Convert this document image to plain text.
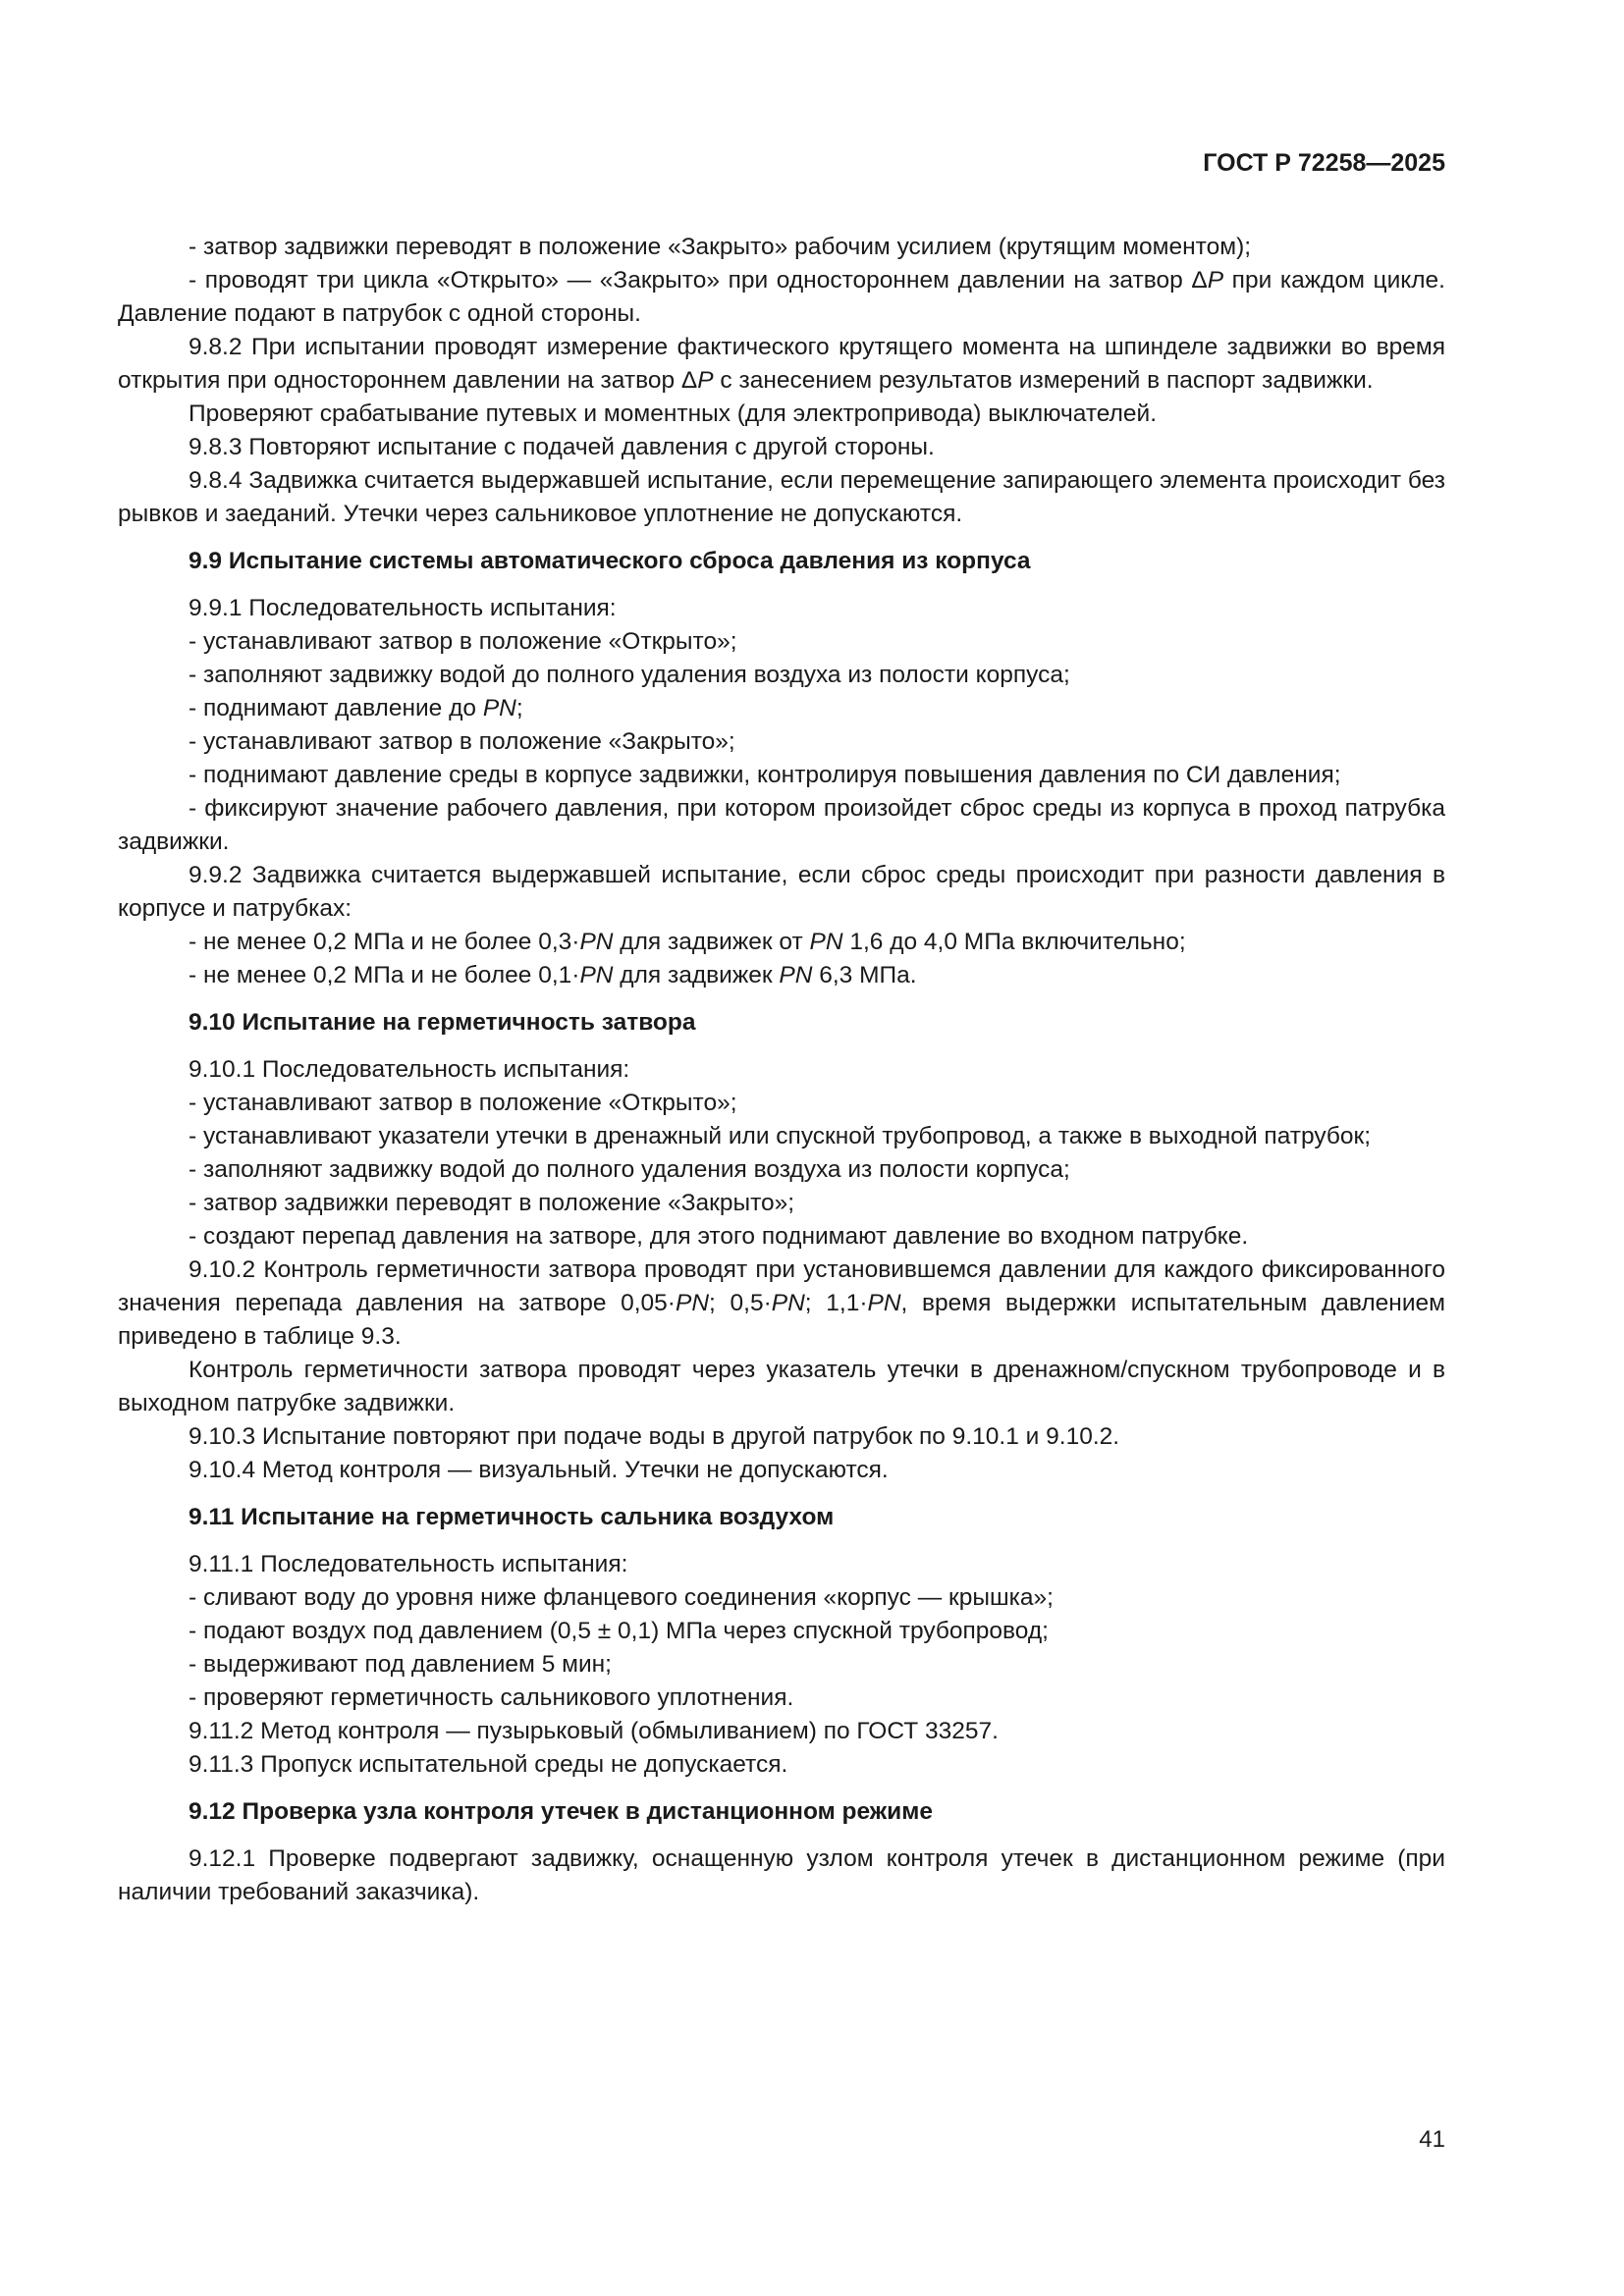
ГОСТ Р 72258—2025

- затвор задвижки переводят в положение «Закрыто» рабочим усилием (крутящим моментом);

- проводят три цикла «Открыто» — «Закрыто» при одностороннем давлении на затвор ΔP при каждом цикле. Давление подают в патрубок с одной стороны.

9.8.2 При испытании проводят измерение фактического крутящего момента на шпинделе задвижки во время открытия при одностороннем давлении на затвор ΔP с занесением результатов измерений в паспорт задвижки.

Проверяют срабатывание путевых и моментных (для электропривода) выключателей.

9.8.3 Повторяют испытание с подачей давления с другой стороны.

9.8.4 Задвижка считается выдержавшей испытание, если перемещение запирающего элемента происходит без рывков и заеданий. Утечки через сальниковое уплотнение не допускаются.

9.9 Испытание системы автоматического сброса давления из корпуса

9.9.1 Последовательность испытания:

- устанавливают затвор в положение «Открыто»;

- заполняют задвижку водой до полного удаления воздуха из полости корпуса;

- поднимают давление до PN;

- устанавливают затвор в положение «Закрыто»;

- поднимают давление среды в корпусе задвижки, контролируя повышения давления по СИ давления;

- фиксируют значение рабочего давления, при котором произойдет сброс среды из корпуса в проход патрубка задвижки.

9.9.2 Задвижка считается выдержавшей испытание, если сброс среды происходит при разности давления в корпусе и патрубках:

- не менее 0,2 МПа и не более 0,3·PN для задвижек от PN 1,6 до 4,0 МПа включительно;

- не менее 0,2 МПа и не более 0,1·PN для задвижек PN 6,3 МПа.

9.10 Испытание на герметичность затвора

9.10.1 Последовательность испытания:

- устанавливают затвор в положение «Открыто»;

- устанавливают указатели утечки в дренажный или спускной трубопровод, а также в выходной патрубок;

- заполняют задвижку водой до полного удаления воздуха из полости корпуса;

- затвор задвижки переводят в положение «Закрыто»;

- создают перепад давления на затворе, для этого поднимают давление во входном патрубке.

9.10.2 Контроль герметичности затвора проводят при установившемся давлении для каждого фиксированного значения перепада давления на затворе 0,05·PN; 0,5·PN; 1,1·PN, время выдержки испытательным давлением приведено в таблице 9.3.

Контроль герметичности затвора проводят через указатель утечки в дренажном/спускном трубопроводе и в выходном патрубке задвижки.

9.10.3 Испытание повторяют при подаче воды в другой патрубок по 9.10.1 и 9.10.2.

9.10.4 Метод контроля — визуальный. Утечки не допускаются.

9.11 Испытание на герметичность сальника воздухом

9.11.1 Последовательность испытания:

- сливают воду до уровня ниже фланцевого соединения «корпус — крышка»;

- подают воздух под давлением (0,5 ± 0,1) МПа через спускной трубопровод;

- выдерживают под давлением 5 мин;

- проверяют герметичность сальникового уплотнения.

9.11.2 Метод контроля — пузырьковый (обмыливанием) по ГОСТ 33257.

9.11.3 Пропуск испытательной среды не допускается.

9.12 Проверка узла контроля утечек в дистанционном режиме

9.12.1 Проверке подвергают задвижку, оснащенную узлом контроля утечек в дистанционном режиме (при наличии требований заказчика).

41
